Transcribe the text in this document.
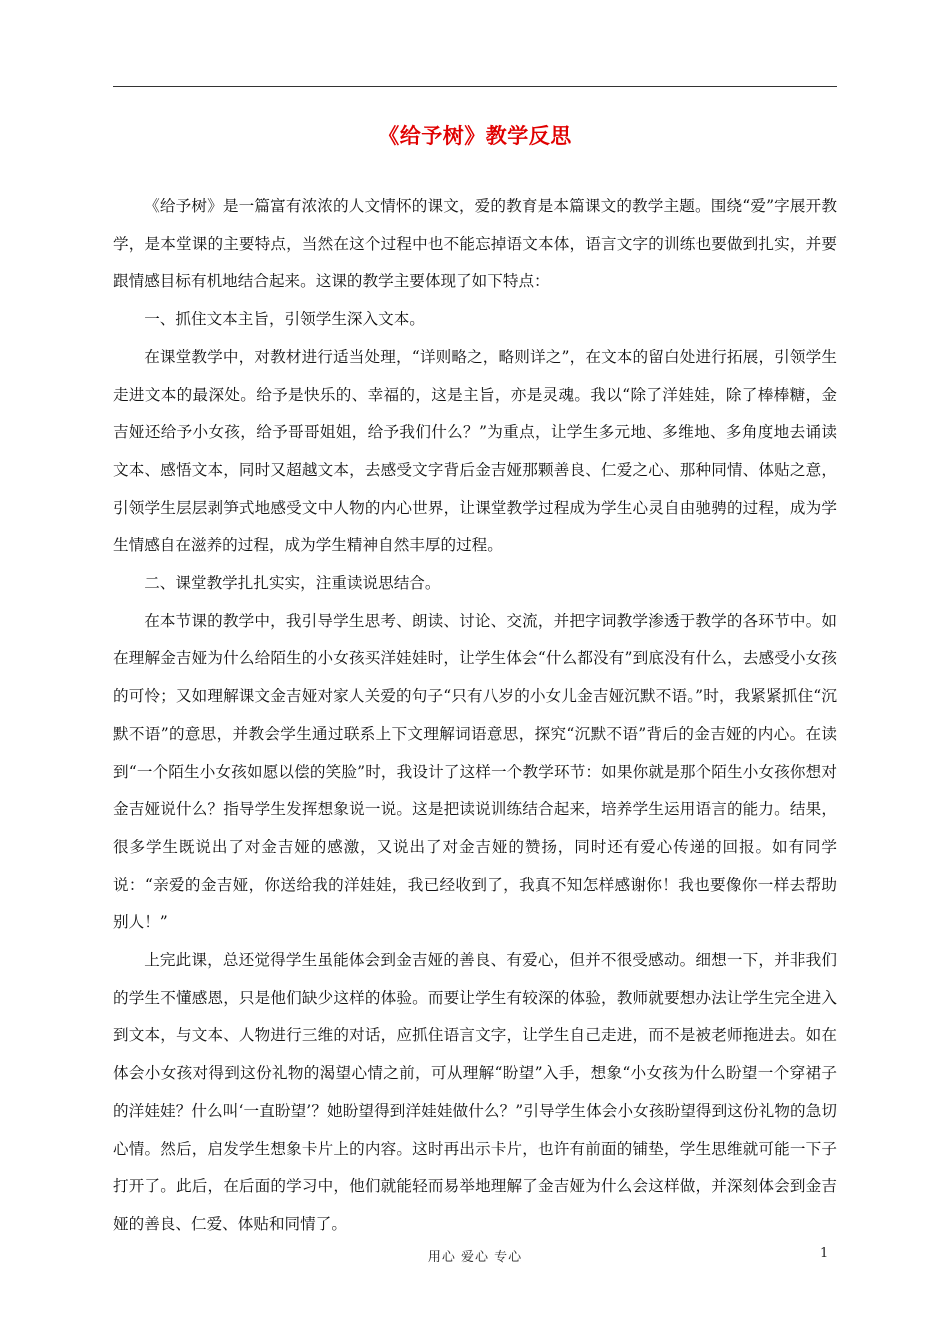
《给予树》教学反思

《给予树》是一篇富有浓浓的人文情怀的课文，爱的教育是本篇课文的教学主题。围绕“爱”字展开教学，是本堂课的主要特点，当然在这个过程中也不能忘掉语文本体，语言文字的训练也要做到扎实，并要跟情感目标有机地结合起来。这课的教学主要体现了如下特点：

一、抓住文本主旨，引领学生深入文本。

在课堂教学中，对教材进行适当处理，“详则略之，略则详之”，在文本的留白处进行拓展，引领学生走进文本的最深处。给予是快乐的、幸福的，这是主旨，亦是灵魂。我以“除了洋娃娃，除了棒棒糖，金吉娅还给予小女孩，给予哥哥姐姐，给予我们什么？”为重点，让学生多元地、多维地、多角度地去诵读文本、感悟文本，同时又超越文本，去感受文字背后金吉娅那颗善良、仁爱之心、那种同情、体贴之意，引领学生层层剥笋式地感受文中人物的内心世界，让课堂教学过程成为学生心灵自由驰骋的过程，成为学生情感自在滋养的过程，成为学生精神自然丰厚的过程。

二、课堂教学扎扎实实，注重读说思结合。

在本节课的教学中，我引导学生思考、朗读、讨论、交流，并把字词教学渗透于教学的各环节中。如在理解金吉娅为什么给陌生的小女孩买洋娃娃时，让学生体会“什么都没有”到底没有什么，去感受小女孩的可怜；又如理解课文金吉娅对家人关爱的句子“只有八岁的小女儿金吉娅沉默不语。”时，我紧紧抓住“沉默不语”的意思，并教会学生通过联系上下文理解词语意思，探究“沉默不语”背后的金吉娅的内心。在读到“一个陌生小女孩如愿以偿的笑脸”时，我设计了这样一个教学环节：如果你就是那个陌生小女孩你想对金吉娅说什么？指导学生发挥想象说一说。这是把读说训练结合起来，培养学生运用语言的能力。结果，很多学生既说出了对金吉娅的感激，又说出了对金吉娅的赞扬，同时还有爱心传递的回报。如有同学说：“亲爱的金吉娅，你送给我的洋娃娃，我已经收到了，我真不知怎样感谢你！我也要像你一样去帮助别人！”

上完此课，总还觉得学生虽能体会到金吉娅的善良、有爱心，但并不很受感动。细想一下，并非我们的学生不懂感恩，只是他们缺少这样的体验。而要让学生有较深的体验，教师就要想办法让学生完全进入到文本，与文本、人物进行三维的对话，应抓住语言文字，让学生自己走进，而不是被老师拖进去。如在体会小女孩对得到这份礼物的渴望心情之前，可从理解“盼望”入手，想象“小女孩为什么盼望一个穿裙子的洋娃娃？什么叫‘一直盼望’？她盼望得到洋娃娃做什么？”引导学生体会小女孩盼望得到这份礼物的急切心情。然后，启发学生想象卡片上的内容。这时再出示卡片，也许有前面的铺垫，学生思维就可能一下子打开了。此后，在后面的学习中，他们就能轻而易举地理解了金吉娅为什么会这样做，并深刻体会到金吉娅的善良、仁爱、体贴和同情了。

用心 爱心 专心	1
